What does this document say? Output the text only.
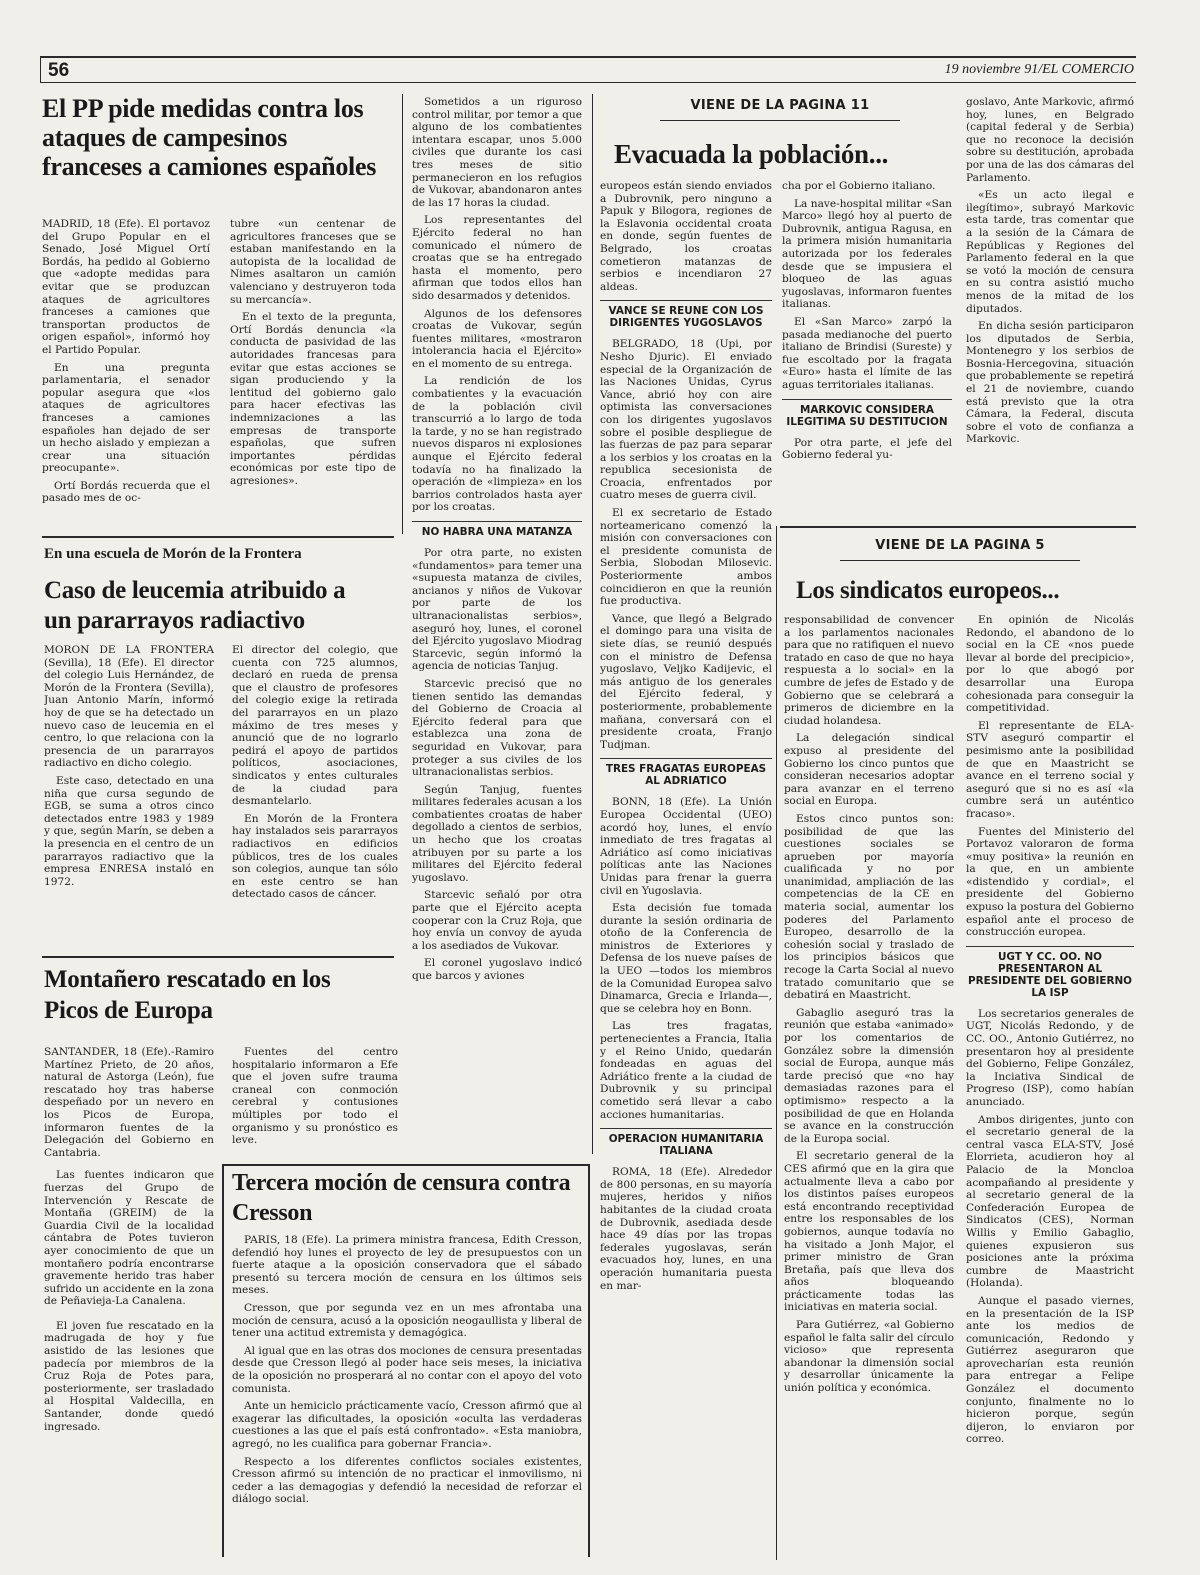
56	19 noviembre 91/EL COMERCIO
El PP pide medidas contra los ataques de campesinos franceses a camiones españoles

MADRID, 18 (Efe). El portavoz del Grupo Popular en el Senado, José Miguel Ortí Bordás, ha pedido al Gobierno que «adopte medidas para evitar que se produzcan ataques de agricultores franceses a camiones que transportan productos de origen español», informó hoy el Partido Popular.

En una pregunta parlamentaria, el senador popular asegura que «los ataques de agricultores franceses a camiones españoles han dejado de ser un hecho aislado y empiezan a crear una situación preocupante».

Ortí Bordás recuerda que el pasado mes de oc-

tubre «un centenar de agricultores franceses que se estaban manifestando en la autopista de la localidad de Nimes asaltaron un camión valenciano y destruyeron toda su mercancía».

En el texto de la pregunta, Ortí Bordás denuncia «la conducta de pasividad de las autoridades francesas para evitar que estas acciones se sigan produciendo y la lentitud del gobierno galo para hacer efectivas las indemnizaciones a las empresas de transporte españolas, que sufren importantes pérdidas económicas por este tipo de agresiones».

En una escuela de Morón de la Frontera
Caso de leucemia atribuido a un pararrayos radiactivo

MORON DE LA FRONTERA (Sevilla), 18 (Efe). El director del colegio Luis Hernández, de Morón de la Frontera (Sevilla), Juan Antonio Marín, informó hoy de que se ha detectado un nuevo caso de leucemia en el centro, lo que relaciona con la presencia de un pararrayos radiactivo en dicho colegio.

Este caso, detectado en una niña que cursa segundo de EGB, se suma a otros cinco detectados entre 1983 y 1989 y que, según Marín, se deben a la presencia en el centro de un pararrayos radiactivo que la empresa ENRESA instaló en 1972.

El director del colegio, que cuenta con 725 alumnos, declaró en rueda de prensa que el claustro de profesores del colegio exige la retirada del pararrayos en un plazo máximo de tres meses y anunció que de no lograrlo pedirá el apoyo de partidos políticos, asociaciones, sindicatos y entes culturales de la ciudad para desmantelarlo.

En Morón de la Frontera hay instalados seis pararrayos radiactivos en edificios públicos, tres de los cuales son colegios, aunque tan sólo en este centro se han detectado casos de cáncer.

Montañero rescatado en los Picos de Europa

SANTANDER, 18 (Efe).-Ramiro Martínez Prieto, de 20 años, natural de Astorga (León), fue rescatado hoy tras haberse despeñado por un nevero en los Picos de Europa, informaron fuentes de la Delegación del Gobierno en Cantabria.

Las fuentes indicaron que fuerzas del Grupo de Intervención y Rescate de Montaña (GREIM) de la Guardia Civil de la localidad cántabra de Potes tuvieron ayer conocimiento de que un montañero podría encontrarse gravemente herido tras haber sufrido un accidente en la zona de Peñavieja-La Canalena.

El joven fue rescatado en la madrugada de hoy y fue asistido de las lesiones que padecía por miembros de la Cruz Roja de Potes para, posteriormente, ser trasladado al Hospital Valdecilla, en Santander, donde quedó ingresado.

Fuentes del centro hospitalario informaron a Efe que el joven sufre trauma craneal con conmoción cerebral y contusiones múltiples por todo el organismo y su pronóstico es leve.

Tercera moción de censura contra Cresson

PARIS, 18 (Efe). La primera ministra francesa, Edith Cresson, defendió hoy lunes el proyecto de ley de presupuestos con un fuerte ataque a la oposición conservadora que el sábado presentó su tercera moción de censura en los últimos seis meses.

Cresson, que por segunda vez en un mes afrontaba una moción de censura, acusó a la oposición neogaullista y liberal de tener una actitud extremista y demagógica.

Al igual que en las otras dos mociones de censura presentadas desde que Cresson llegó al poder hace seis meses, la iniciativa de la oposición no prosperará al no contar con el apoyo del voto comunista.

Ante un hemiciclo prácticamente vacío, Cresson afirmó que al exagerar las dificultades, la oposición «oculta las verdaderas cuestiones a las que el país está confrontado». «Esta maniobra, agregó, no les cualifica para gobernar Francia».

Respecto a los diferentes conflictos sociales existentes, Cresson afirmó su intención de no practicar el inmovilismo, ni ceder a las demagogias y defendió la necesidad de reforzar el diálogo social.

Sometidos a un riguroso control militar, por temor a que alguno de los combatientes intentara escapar, unos 5.000 civiles que durante los casi tres meses de sitio permanecieron en los refugios de Vukovar, abandonaron antes de las 17 horas la ciudad.

Los representantes del Ejército federal no han comunicado el número de croatas que se ha entregado hasta el momento, pero afirman que todos ellos han sido desarmados y detenidos.

Algunos de los defensores croatas de Vukovar, según fuentes militares, «mostraron intolerancia hacia el Ejército» en el momento de su entrega.

La rendición de los combatientes y la evacuación de la población civil transcurrió a lo largo de toda la tarde, y no se han registrado nuevos disparos ni explosiones aunque el Ejército federal todavía no ha finalizado la operación de «limpieza» en los barrios controlados hasta ayer por los croatas.

NO HABRA UNA MATANZA

Por otra parte, no existen «fundamentos» para temer una «supuesta matanza de civiles, ancianos y niños de Vukovar por parte de los ultranacionalistas serbios», aseguró hoy, lunes, el coronel del Ejército yugoslavo Miodrag Starcevic, según informó la agencia de noticias Tanjug.

Starcevic precisó que no tienen sentido las demandas del Gobierno de Croacia al Ejército federal para que establezca una zona de seguridad en Vukovar, para proteger a sus civiles de los ultranacionalistas serbios.

Según Tanjug, fuentes militares federales acusan a los combatientes croatas de haber degollado a cientos de serbios, un hecho que los croatas atribuyen por su parte a los militares del Ejército federal yugoslavo.

Starcevic señaló por otra parte que el Ejército acepta cooperar con la Cruz Roja, que hoy envía un convoy de ayuda a los asediados de Vukovar.

El coronel yugoslavo indicó que barcos y aviones

VIENE DE LA PAGINA 11
Evacuada la población...

europeos están siendo enviados a Dubrovnik, pero ninguno a Papuk y Bilogora, regiones de la Eslavonia occidental croata en donde, según fuentes de Belgrado, los croatas cometieron matanzas de serbios e incendiaron 27 aldeas.

VANCE SE REUNE CON LOS DIRIGENTES YUGOSLAVOS

BELGRADO, 18 (Upi, por Nesho Djuric). El enviado especial de la Organización de las Naciones Unidas, Cyrus Vance, abrió hoy con aire optimista las conversaciones con los dirigentes yugoslavos sobre el posible despliegue de las fuerzas de paz para separar a los serbios y los croatas en la republica secesionista de Croacia, enfrentados por cuatro meses de guerra civil.

El ex secretario de Estado norteamericano comenzó la misión con conversaciones con el presidente comunista de Serbia, Slobodan Milosevic. Posteriormente ambos coincidieron en que la reunión fue productiva.

Vance, que llegó a Belgrado el domingo para una visita de siete días, se reunió después con el ministro de Defensa yugoslavo, Veljko Kadijevic, el más antiguo de los generales del Ejército federal, y posteriormente, probablemente mañana, conversará con el presidente croata, Franjo Tudjman.

TRES FRAGATAS EUROPEAS AL ADRIATICO

BONN, 18 (Efe). La Unión Europea Occidental (UEO) acordó hoy, lunes, el envío inmediato de tres fragatas al Adriático así como iniciativas políticas ante las Naciones Unidas para frenar la guerra civil en Yugoslavia.

Esta decisión fue tomada durante la sesión ordinaria de otoño de la Conferencia de ministros de Exteriores y Defensa de los nueve países de la UEO —todos los miembros de la Comunidad Europea salvo Dinamarca, Grecia e Irlanda—, que se celebra hoy en Bonn.

Las tres fragatas, pertenecientes a Francia, Italia y el Reino Unido, quedarán fondeadas en aguas del Adriático frente a la ciudad de Dubrovnik y su principal cometido será llevar a cabo acciones humanitarias.

OPERACION HUMANITARIA ITALIANA

ROMA, 18 (Efe). Alrededor de 800 personas, en su mayoría mujeres, heridos y niños habitantes de la ciudad croata de Dubrovnik, asediada desde hace 49 días por las tropas federales yugoslavas, serán evacuados hoy, lunes, en una operación humanitaria puesta en mar-

cha por el Gobierno italiano.

La nave-hospital militar «San Marco» llegó hoy al puerto de Dubrovnik, antigua Ragusa, en la primera misión humanitaria autorizada por los federales desde que se impusiera el bloqueo de las aguas yugoslavas, informaron fuentes italianas.

El «San Marco» zarpó la pasada medianoche del puerto italiano de Brindisi (Sureste) y fue escoltado por la fragata «Euro» hasta el límite de las aguas territoriales italianas.

MARKOVIC CONSIDERA ILEGITIMA SU DESTITUCION

Por otra parte, el jefe del Gobierno federal yu-

goslavo, Ante Markovic, afirmó hoy, lunes, en Belgrado (capital federal y de Serbia) que no reconoce la decisión sobre su destitución, aprobada por una de las dos cámaras del Parlamento.

«Es un acto ilegal e ilegítimo», subrayó Markovic esta tarde, tras comentar que a la sesión de la Cámara de Repúblicas y Regiones del Parlamento federal en la que se votó la moción de censura en su contra asistió mucho menos de la mitad de los diputados.

En dicha sesión participaron los diputados de Serbia, Montenegro y los serbios de Bosnia-Hercegovina, situación que probablemente se repetirá el 21 de noviembre, cuando está previsto que la otra Cámara, la Federal, discuta sobre el voto de confianza a Markovic.

VIENE DE LA PAGINA 5
Los sindicatos europeos...

responsabilidad de convencer a los parlamentos nacionales para que no ratifiquen el nuevo tratado en caso de que no haya respuesta a lo social» en la cumbre de jefes de Estado y de Gobierno que se celebrará a primeros de diciembre en la ciudad holandesa.

La delegación sindical expuso al presidente del Gobierno los cinco puntos que consideran necesarios adoptar para avanzar en el terreno social en Europa.

Estos cinco puntos son: posibilidad de que las cuestiones sociales se aprueben por mayoría cualificada y no por unanimidad, ampliación de las competencias de la CE en materia social, aumentar los poderes del Parlamento Europeo, desarrollo de la cohesión social y traslado de los principios básicos que recoge la Carta Social al nuevo tratado comunitario que se debatirá en Maastricht.

Gabaglio aseguró tras la reunión que estaba «animado» por los comentarios de González sobre la dimensión social de Europa, aunque más tarde precisó que «no hay demasiadas razones para el optimismo» respecto a la posibilidad de que en Holanda se avance en la construcción de la Europa social.

El secretario general de la CES afirmó que en la gira que actualmente lleva a cabo por los distintos países europeos está encontrando receptividad entre los responsables de los gobiernos, aunque todavía no ha visitado a Jonh Major, el primer ministro de Gran Bretaña, país que lleva dos años bloqueando prácticamente todas las iniciativas en materia social.

Para Gutiérrez, «al Gobierno español le falta salir del círculo vicioso» que representa abandonar la dimensión social y desarrollar únicamente la unión política y económica.

En opinión de Nicolás Redondo, el abandono de lo social en la CE «nos puede llevar al borde del precipicio», por lo que abogó por desarrollar una Europa cohesionada para conseguir la competitividad.

El representante de ELA-STV aseguró compartir el pesimismo ante la posibilidad de que en Maastricht se avance en el terreno social y aseguró que si no es así «la cumbre será un auténtico fracaso».

Fuentes del Ministerio del Portavoz valoraron de forma «muy positiva» la reunión en la que, en un ambiente «distendido y cordial», el presidente del Gobierno expuso la postura del Gobierno español ante el proceso de construcción europea.

UGT Y CC. OO. NO PRESENTARON AL PRESIDENTE DEL GOBIERNO LA ISP

Los secretarios generales de UGT, Nicolás Redondo, y de CC. OO., Antonio Gutiérrez, no presentaron hoy al presidente del Gobierno, Felipe González, la Inciativa Sindical de Progreso (ISP), como habían anunciado.

Ambos dirigentes, junto con el secretario general de la central vasca ELA-STV, José Elorrieta, acudieron hoy al Palacio de la Moncloa acompañando al presidente y al secretario general de la Confederación Europea de Sindicatos (CES), Norman Willis y Emilio Gabaglio, quienes expusieron sus posiciones ante la próxima cumbre de Maastricht (Holanda).

Aunque el pasado viernes, en la presentación de la ISP ante los medios de comunicación, Redondo y Gutiérrez aseguraron que aprovecharían esta reunión para entregar a Felipe González el documento conjunto, finalmente no lo hicieron porque, según dijeron, lo enviaron por correo.
